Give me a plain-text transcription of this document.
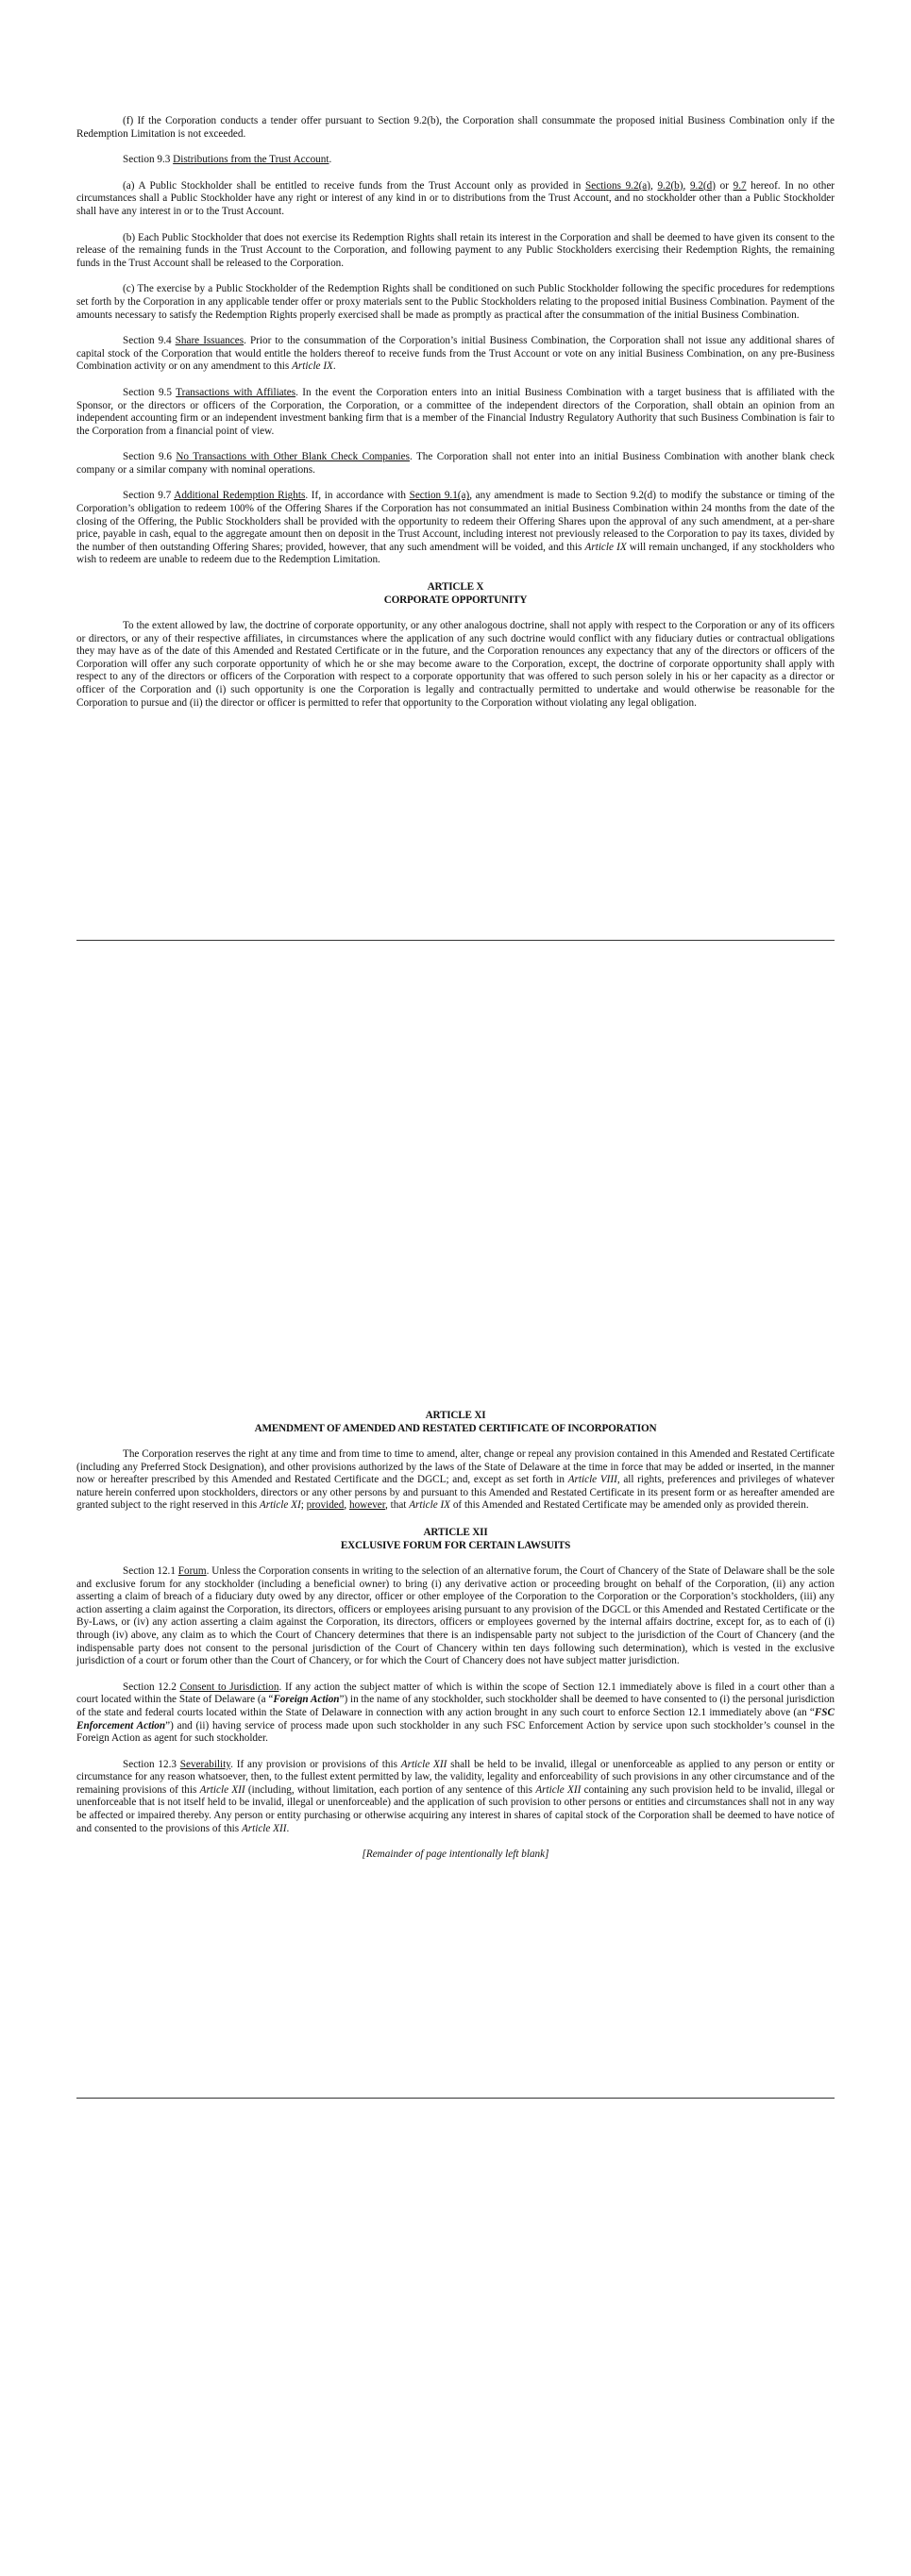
(f) If the Corporation conducts a tender offer pursuant to Section 9.2(b), the Corporation shall consummate the proposed initial Business Combination only if the Redemption Limitation is not exceeded.

Section 9.3 Distributions from the Trust Account.

(a) A Public Stockholder shall be entitled to receive funds from the Trust Account only as provided in Sections 9.2(a), 9.2(b), 9.2(d) or 9.7 hereof. In no other circumstances shall a Public Stockholder have any right or interest of any kind in or to distributions from the Trust Account, and no stockholder other than a Public Stockholder shall have any interest in or to the Trust Account.

(b) Each Public Stockholder that does not exercise its Redemption Rights shall retain its interest in the Corporation and shall be deemed to have given its consent to the release of the remaining funds in the Trust Account to the Corporation, and following payment to any Public Stockholders exercising their Redemption Rights, the remaining funds in the Trust Account shall be released to the Corporation.

(c) The exercise by a Public Stockholder of the Redemption Rights shall be conditioned on such Public Stockholder following the specific procedures for redemptions set forth by the Corporation in any applicable tender offer or proxy materials sent to the Public Stockholders relating to the proposed initial Business Combination. Payment of the amounts necessary to satisfy the Redemption Rights properly exercised shall be made as promptly as practical after the consummation of the initial Business Combination.

Section 9.4 Share Issuances. Prior to the consummation of the Corporation’s initial Business Combination, the Corporation shall not issue any additional shares of capital stock of the Corporation that would entitle the holders thereof to receive funds from the Trust Account or vote on any initial Business Combination, on any pre-Business Combination activity or on any amendment to this Article IX.

Section 9.5 Transactions with Affiliates. In the event the Corporation enters into an initial Business Combination with a target business that is affiliated with the Sponsor, or the directors or officers of the Corporation, the Corporation, or a committee of the independent directors of the Corporation, shall obtain an opinion from an independent accounting firm or an independent investment banking firm that is a member of the Financial Industry Regulatory Authority that such Business Combination is fair to the Corporation from a financial point of view.

Section 9.6 No Transactions with Other Blank Check Companies. The Corporation shall not enter into an initial Business Combination with another blank check company or a similar company with nominal operations.

Section 9.7 Additional Redemption Rights. If, in accordance with Section 9.1(a), any amendment is made to Section 9.2(d) to modify the substance or timing of the Corporation’s obligation to redeem 100% of the Offering Shares if the Corporation has not consummated an initial Business Combination within 24 months from the date of the closing of the Offering, the Public Stockholders shall be provided with the opportunity to redeem their Offering Shares upon the approval of any such amendment, at a per-share price, payable in cash, equal to the aggregate amount then on deposit in the Trust Account, including interest not previously released to the Corporation to pay its taxes, divided by the number of then outstanding Offering Shares; provided, however, that any such amendment will be voided, and this Article IX will remain unchanged, if any stockholders who wish to redeem are unable to redeem due to the Redemption Limitation.

ARTICLE X

CORPORATE OPPORTUNITY

To the extent allowed by law, the doctrine of corporate opportunity, or any other analogous doctrine, shall not apply with respect to the Corporation or any of its officers or directors, or any of their respective affiliates, in circumstances where the application of any such doctrine would conflict with any fiduciary duties or contractual obligations they may have as of the date of this Amended and Restated Certificate or in the future, and the Corporation renounces any expectancy that any of the directors or officers of the Corporation will offer any such corporate opportunity of which he or she may become aware to the Corporation, except, the doctrine of corporate opportunity shall apply with respect to any of the directors or officers of the Corporation with respect to a corporate opportunity that was offered to such person solely in his or her capacity as a director or officer of the Corporation and (i) such opportunity is one the Corporation is legally and contractually permitted to undertake and would otherwise be reasonable for the Corporation to pursue and (ii) the director or officer is permitted to refer that opportunity to the Corporation without violating any legal obligation.

ARTICLE XI

AMENDMENT OF AMENDED AND RESTATED CERTIFICATE OF INCORPORATION

The Corporation reserves the right at any time and from time to time to amend, alter, change or repeal any provision contained in this Amended and Restated Certificate (including any Preferred Stock Designation), and other provisions authorized by the laws of the State of Delaware at the time in force that may be added or inserted, in the manner now or hereafter prescribed by this Amended and Restated Certificate and the DGCL; and, except as set forth in Article VIII, all rights, preferences and privileges of whatever nature herein conferred upon stockholders, directors or any other persons by and pursuant to this Amended and Restated Certificate in its present form or as hereafter amended are granted subject to the right reserved in this Article XI; provided, however, that Article IX of this Amended and Restated Certificate may be amended only as provided therein.

ARTICLE XII

EXCLUSIVE FORUM FOR CERTAIN LAWSUITS

Section 12.1 Forum. Unless the Corporation consents in writing to the selection of an alternative forum, the Court of Chancery of the State of Delaware shall be the sole and exclusive forum for any stockholder (including a beneficial owner) to bring (i) any derivative action or proceeding brought on behalf of the Corporation, (ii) any action asserting a claim of breach of a fiduciary duty owed by any director, officer or other employee of the Corporation to the Corporation or the Corporation’s stockholders, (iii) any action asserting a claim against the Corporation, its directors, officers or employees arising pursuant to any provision of the DGCL or this Amended and Restated Certificate or the By-Laws, or (iv) any action asserting a claim against the Corporation, its directors, officers or employees governed by the internal affairs doctrine, except for, as to each of (i) through (iv) above, any claim as to which the Court of Chancery determines that there is an indispensable party not subject to the jurisdiction of the Court of Chancery (and the indispensable party does not consent to the personal jurisdiction of the Court of Chancery within ten days following such determination), which is vested in the exclusive jurisdiction of a court or forum other than the Court of Chancery, or for which the Court of Chancery does not have subject matter jurisdiction.

Section 12.2 Consent to Jurisdiction. If any action the subject matter of which is within the scope of Section 12.1 immediately above is filed in a court other than a court located within the State of Delaware (a “Foreign Action”) in the name of any stockholder, such stockholder shall be deemed to have consented to (i) the personal jurisdiction of the state and federal courts located within the State of Delaware in connection with any action brought in any such court to enforce Section 12.1 immediately above (an “FSC Enforcement Action”) and (ii) having service of process made upon such stockholder in any such FSC Enforcement Action by service upon such stockholder’s counsel in the Foreign Action as agent for such stockholder.

Section 12.3 Severability. If any provision or provisions of this Article XII shall be held to be invalid, illegal or unenforceable as applied to any person or entity or circumstance for any reason whatsoever, then, to the fullest extent permitted by law, the validity, legality and enforceability of such provisions in any other circumstance and of the remaining provisions of this Article XII (including, without limitation, each portion of any sentence of this Article XII containing any such provision held to be invalid, illegal or unenforceable that is not itself held to be invalid, illegal or unenforceable) and the application of such provision to other persons or entities and circumstances shall not in any way be affected or impaired thereby. Any person or entity purchasing or otherwise acquiring any interest in shares of capital stock of the Corporation shall be deemed to have notice of and consented to the provisions of this Article XII.

[Remainder of page intentionally left blank]
